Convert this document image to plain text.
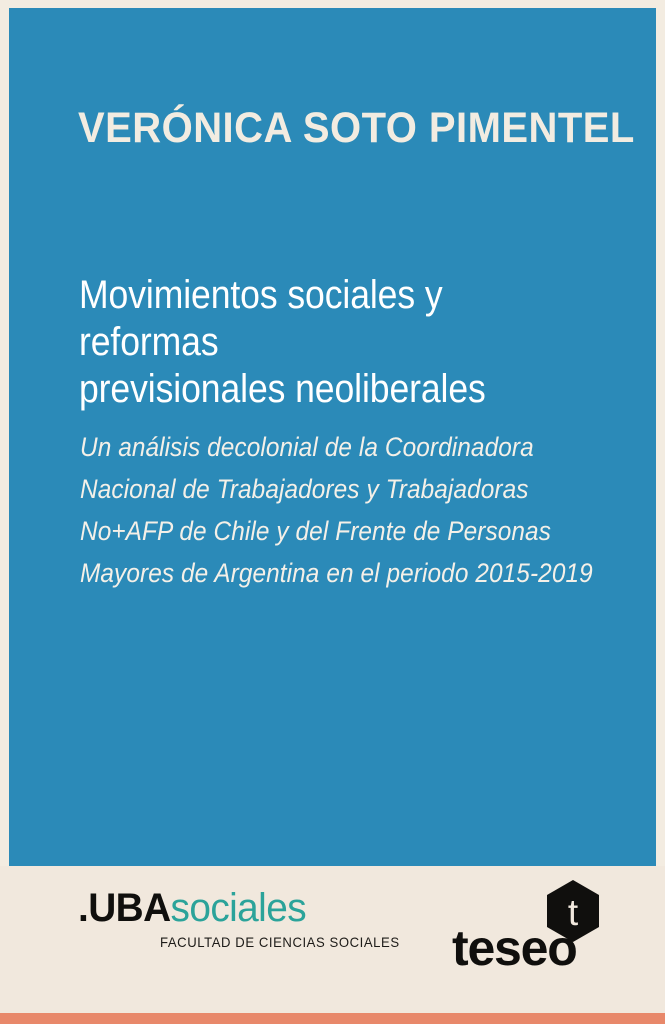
VERÓNICA SOTO PIMENTEL
Movimientos sociales y reformas
previsionales neoliberales
Un análisis decolonial de la Coordinadora
Nacional de Trabajadores y Trabajadoras
No+AFP de Chile y del Frente de Personas
Mayores de Argentina en el periodo 2015-2019
.UBAsociales
FACULTAD DE CIENCIAS SOCIALES
t
teseo
